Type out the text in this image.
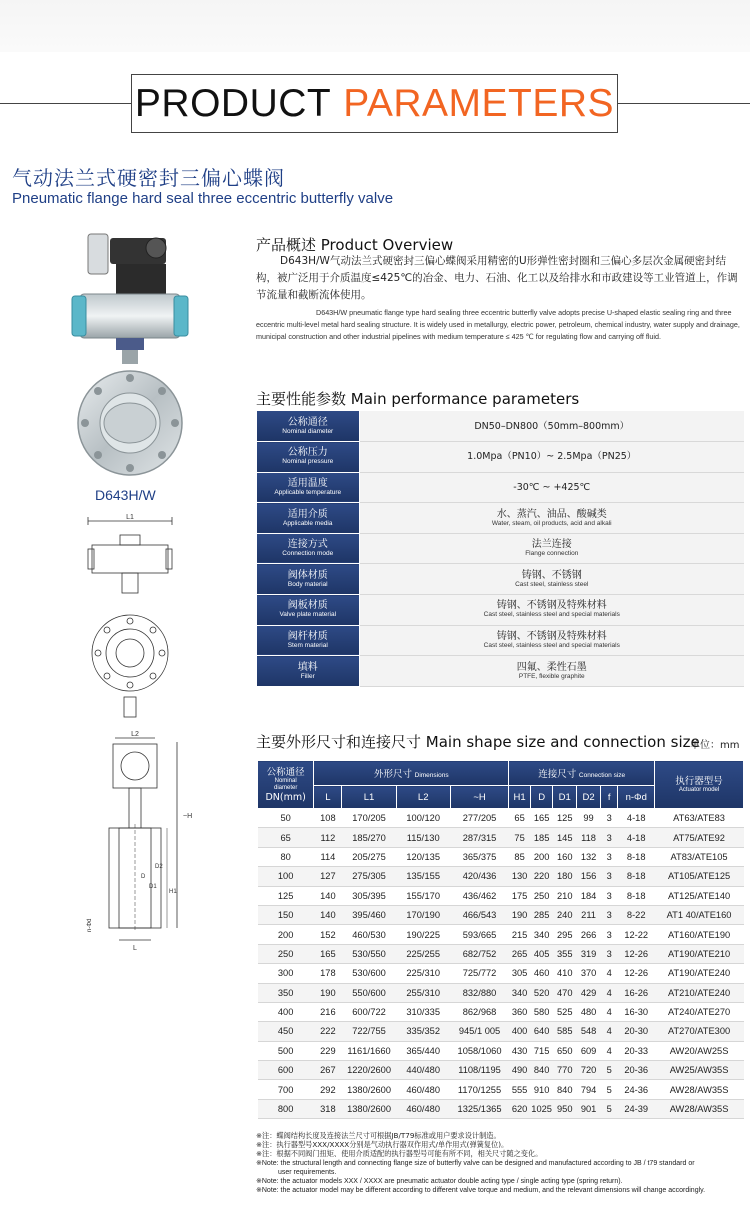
PRODUCT PARAMETERS
气动法兰式硬密封三偏心蝶阀
Pneumatic flange hard seal three eccentric butterfly valve
D643H/W
L1
L2
~H
H1
D
D1
D2
L
n-Φd
产品概述 Product Overview
D643H/W气动法兰式硬密封三偏心蝶阀采用精密的U形弹性密封圈和三偏心多层次金属硬密封结构，被广泛用于介质温度≤425℃的冶金、电力、石油、化工以及给排水和市政建设等工业管道上，作调节流量和截断流体使用。
D643H/W pneumatic flange type hard sealing three eccentric butterfly valve adopts precise U-shaped elastic sealing ring and three eccentric multi-level metal hard sealing structure. It is widely used in metallurgy, electric power, petroleum, chemical industry, water supply and drainage, municipal construction and other industrial pipelines with medium temperature ≤ 425 ℃ for regulating flow and carrying off fluid.
主要性能参数 Main performance parameters
公称通径
Nominal diameter	DN50–DN800（50mm–800mm）

公称压力
Nominal pressure	1.0Mpa（PN10）~ 2.5Mpa（PN25）

适用温度
Applicable temperature	-30℃ ~ +425℃

适用介质
Applicable media	水、蒸汽、油品、酸碱类
Water, steam, oil products, acid and alkali

连接方式
Connection mode	法兰连接
Flange connection

阀体材质
Body material	铸钢、不锈钢
Cast steel, stainless steel

阀板材质
Valve plate material	铸钢、不锈钢及特殊材料
Cast steel, stainless steel and special materials

阀杆材质
Stem material	铸钢、不锈钢及特殊材料
Cast steel, stainless steel and special materials

填料
Filler	四氟、柔性石墨
PTFE, flexible graphite
主要外形尺寸和连接尺寸 Main shape size and connection size
单位：mm
公称通径
Nominal
diameter
DN(mm)	外形尺寸 Dimensions				连接尺寸 Connection size						执行器型号
Actuator model

	L	L1	L2	~H	H1	D	D1	D2	f	n-Φd	
50	108	170/205	100/120	277/205	65	165	125	99	3	4-18	AT63/ATE83
65	112	185/270	115/130	287/315	75	185	145	118	3	4-18	AT75/ATE92
80	114	205/275	120/135	365/375	85	200	160	132	3	8-18	AT83/ATE105
100	127	275/305	135/155	420/436	130	220	180	156	3	8-18	AT105/ATE125
125	140	305/395	155/170	436/462	175	250	210	184	3	8-18	AT125/ATE140
150	140	395/460	170/190	466/543	190	285	240	211	3	8-22	AT1 40/ATE160
200	152	460/530	190/225	593/665	215	340	295	266	3	12-22	AT160/ATE190
250	165	530/550	225/255	682/752	265	405	355	319	3	12-26	AT190/ATE210
300	178	530/600	225/310	725/772	305	460	410	370	4	12-26	AT190/ATE240
350	190	550/600	255/310	832/880	340	520	470	429	4	16-26	AT210/ATE240
400	216	600/722	310/335	862/968	360	580	525	480	4	16-30	AT240/ATE270
450	222	722/755	335/352	945/1 005	400	640	585	548	4	20-30	AT270/ATE300
500	229	1161/1660	365/440	1058/1060	430	715	650	609	4	20-33	AW20/AW25S
600	267	1220/2600	440/480	1108/1195	490	840	770	720	5	20-36	AW25/AW35S
700	292	1380/2600	460/480	1170/1255	555	910	840	794	5	24-36	AW28/AW35S
800	318	1380/2600	460/480	1325/1365	620	1025	950	901	5	24-39	AW28/AW35S
※注：蝶阀结构长度及连接法兰尺寸可根据JB/T79标准或用户要求设计制造。
※注：执行器型号XXX/XXXX分别是气动执行器双作用式/单作用式(弹簧复位)。
※注：根据不同阀门扭矩、使用介质适配的执行器型号可能有所不同，相关尺寸随之变化。
※Note: the structural length and connecting flange size of butterfly valve can be designed and manufactured according to JB / t79 standard or
user requirements.
※Note: the actuator models XXX / XXXX are pneumatic actuator double acting type / single acting type (spring return).
※Note: the actuator model may be different according to different valve torque and medium, and the relevant dimensions will change accordingly.
